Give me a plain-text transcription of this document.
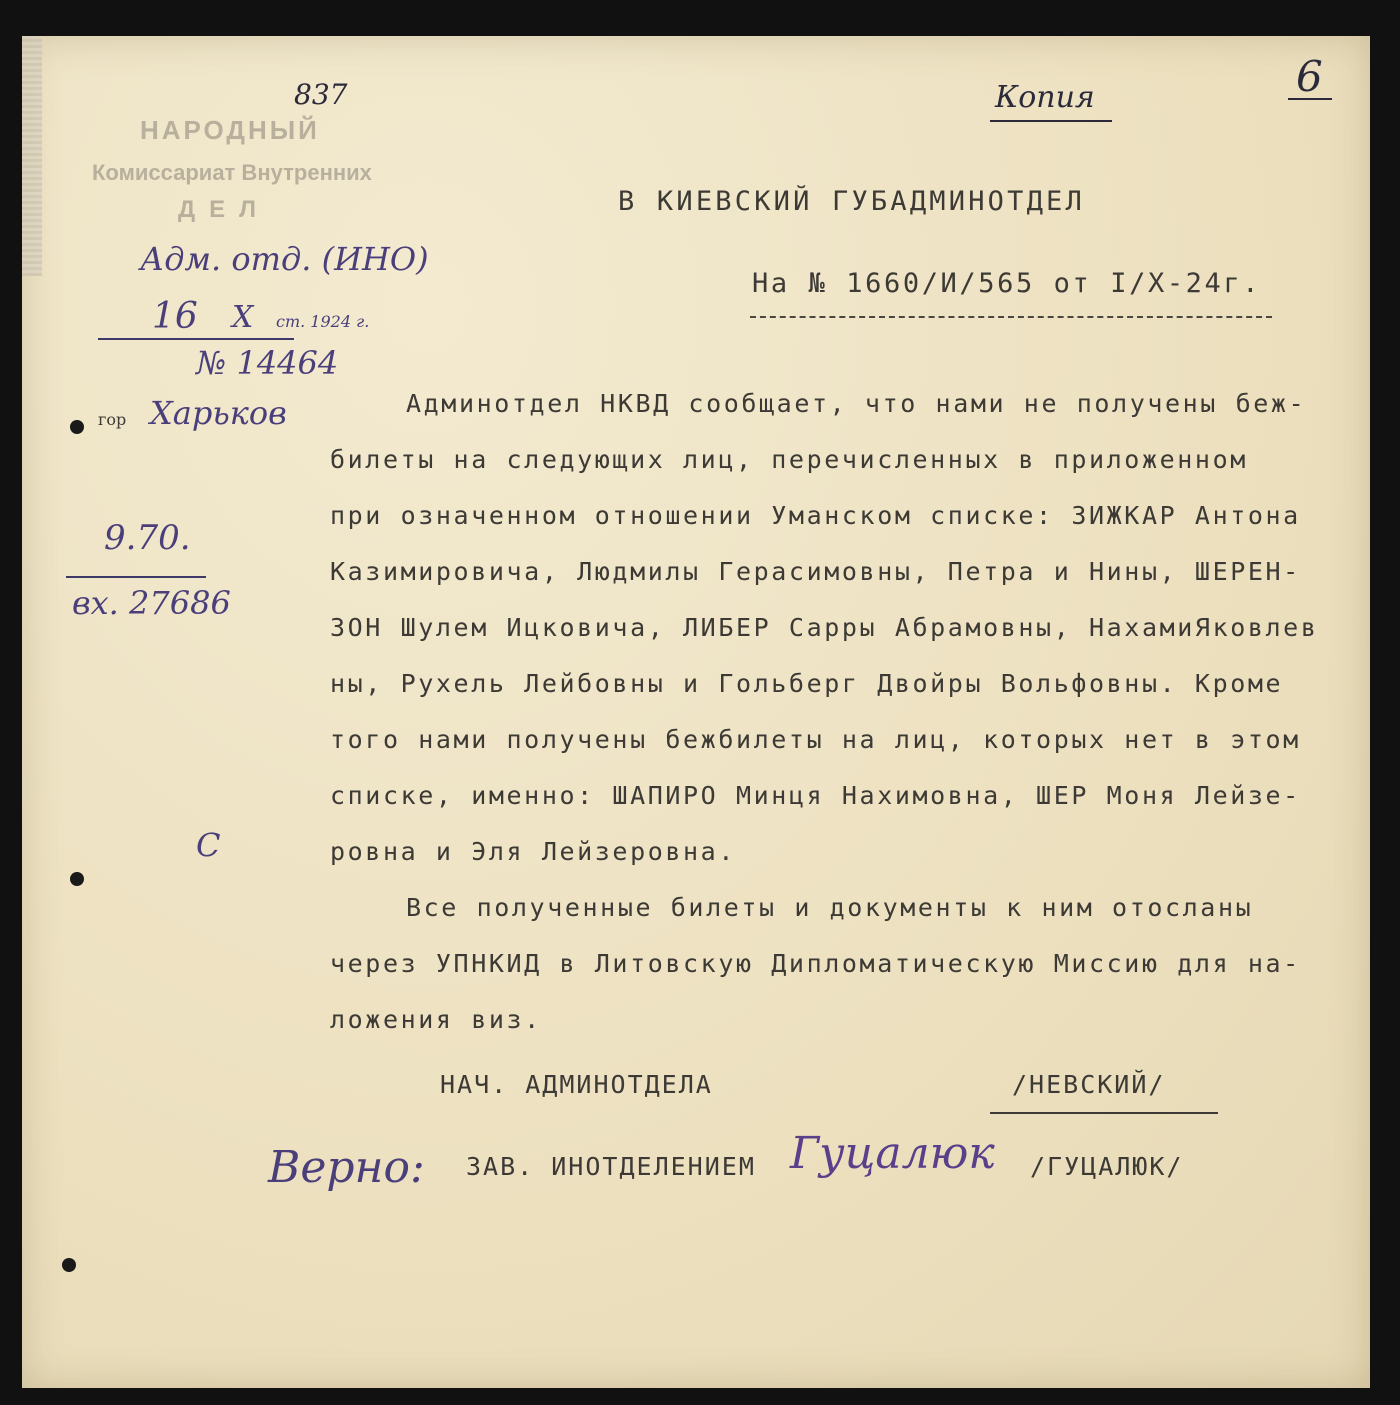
6
Копия
НАРОДНЫЙ
Комиссариат Внутренних
ДЕЛ
837
Адм. отд. (ИНО)
16 Х ст. 1924 г.
№ 14464
гор Харьков
9.70.
вх. 27686
С
В КИЕВСКИЙ ГУБАДМИНОТДЕЛ
На № 1660/И/565 от I/X-24г.

Админотдел НКВД сообщает, что нами не получены беж-

билеты на следующих лиц, перечисленных в приложенном

при означенном отношении Уманском списке: ЗИЖКАР Антона

Казимировича, Людмилы Герасимовны, Петра и Нины, ШЕРЕН-

ЗОН Шулем Ицковича, ЛИБЕР Сарры Абрамовны, НахамиЯковлев

ны, Рухель Лейбовны и Гольберг Двойры Вольфовны. Кроме

того нами получены бежбилеты на лиц, которых нет в этом

списке, именно: ШАПИРО Минця Нахимовна, ШЕР Моня Лейзе-

ровна и Эля Лейзеровна.

Все полученные билеты и документы к ним отосланы

через УПНКИД в Литовскую Дипломатическую Миссию для на-

ложения виз.

НАЧ. АДМИНОТДЕЛА	/НЕВСКИЙ/
Верно: ЗАВ. ИНОТДЕЛЕНИЕМ Гуцалюк /ГУЦАЛЮК/
